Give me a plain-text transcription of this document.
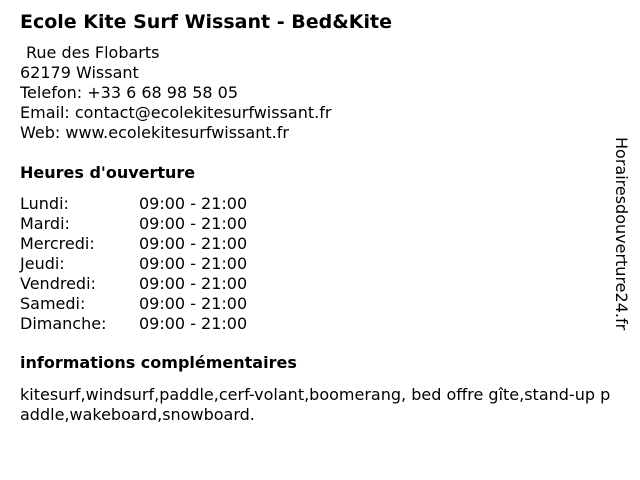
Ecole Kite Surf Wissant - Bed&Kite
Rue des Flobarts
62179 Wissant
Telefon: +33 6 68 98 58 05
Email: contact@ecolekitesurfwissant.fr
Web: www.ecolekitesurfwissant.fr
Heures d'ouverture
Lundi:	09:00 - 21:00
Mardi:	09:00 - 21:00
Mercredi:	09:00 - 21:00
Jeudi:	09:00 - 21:00
Vendredi:	09:00 - 21:00
Samedi:	09:00 - 21:00
Dimanche:	09:00 - 21:00
informations complémentaires
kitesurf,windsurf,paddle,cerf-volant,boomerang, bed offre gîte,stand-up paddle,wakeboard,snowboard.
Horairesdouverture24.fr
